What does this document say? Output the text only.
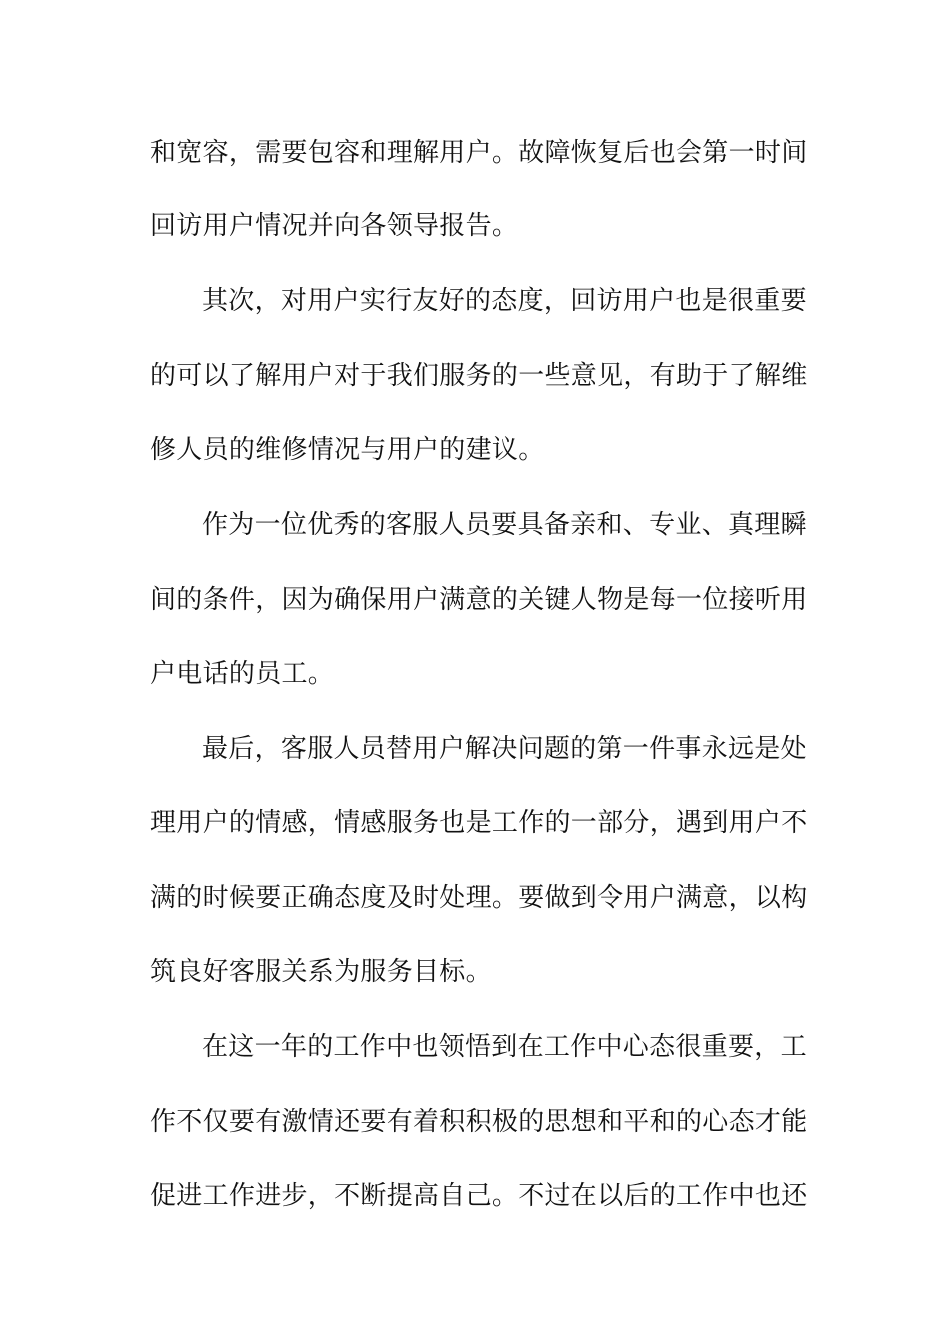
和宽容，需要包容和理解用户。故障恢复后也会第一时间
回访用户情况并向各领导报告。
其次，对用户实行友好的态度，回访用户也是很重要
的可以了解用户对于我们服务的一些意见，有助于了解维
修人员的维修情况与用户的建议。
作为一位优秀的客服人员要具备亲和、专业、真理瞬
间的条件，因为确保用户满意的关键人物是每一位接听用
户电话的员工。
最后，客服人员替用户解决问题的第一件事永远是处
理用户的情感，情感服务也是工作的一部分，遇到用户不
满的时候要正确态度及时处理。要做到令用户满意，以构
筑良好客服关系为服务目标。
在这一年的工作中也领悟到在工作中心态很重要，工
作不仅要有激情还要有着积积极的思想和平和的心态才能
促进工作进步，不断提高自己。不过在以后的工作中也还
